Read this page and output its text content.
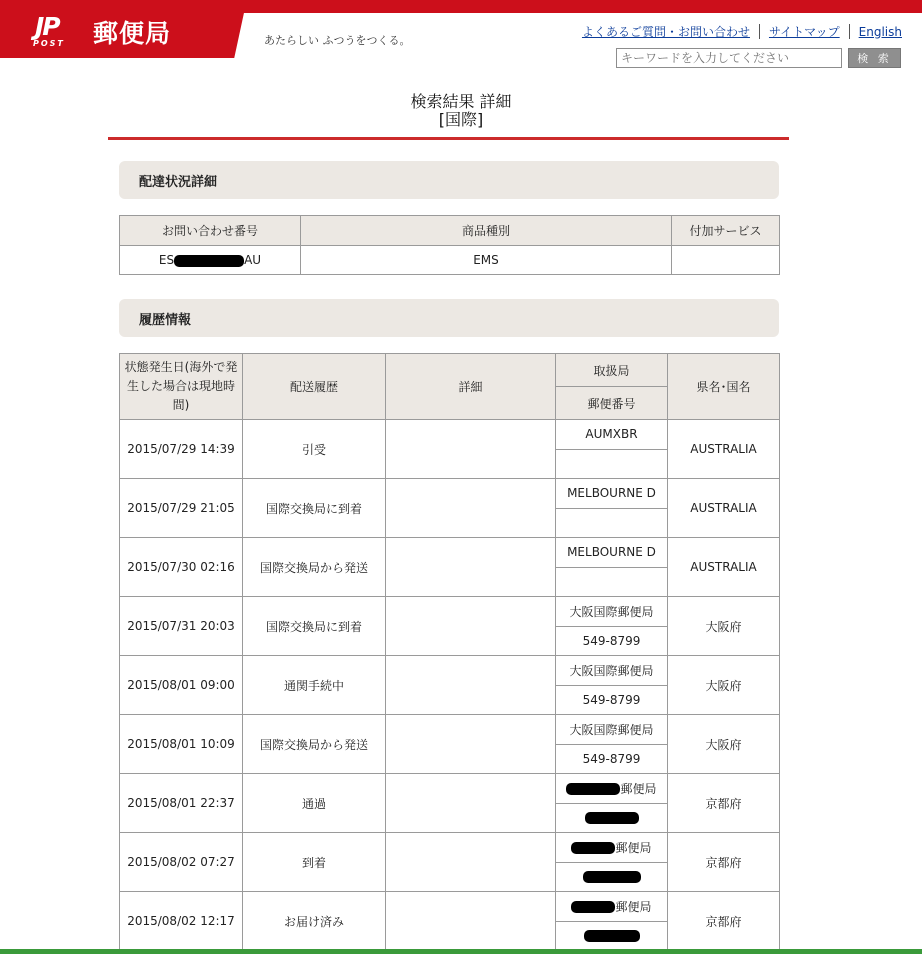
JP
POST 郵便局	あたらしい ふつうをつくる。
よくあるご質問・お問い合わせ サイトマップ English
キーワードを入力してください
検 索
検索結果 詳細
[国際]
配達状況詳細
お問い合わせ番号	商品種別	付加サービス
ES AU	EMS	
履歴情報
状態発生日(海外で発生した場合は現地時間)	配送履歴	詳細	取扱局	県名･国名
			郵便番号	
2015/07/29 14:39	引受		AUMXBR	AUSTRALIA

2015/07/29 21:05	国際交換局に到着		MELBOURNE D	AUSTRALIA

2015/07/30 02:16	国際交換局から発送		MELBOURNE D	AUSTRALIA

2015/07/31 20:03	国際交換局に到着		大阪国際郵便局	大阪府
			549-8799	
2015/08/01 09:00	通関手続中		大阪国際郵便局	大阪府
			549-8799	
2015/08/01 10:09	国際交換局から発送		大阪国際郵便局	大阪府
			549-8799	
2015/08/01 22:37	通過		郵便局	京都府

2015/08/02 07:27	到着		郵便局	京都府

2015/08/02 12:17	お届け済み		郵便局	京都府
